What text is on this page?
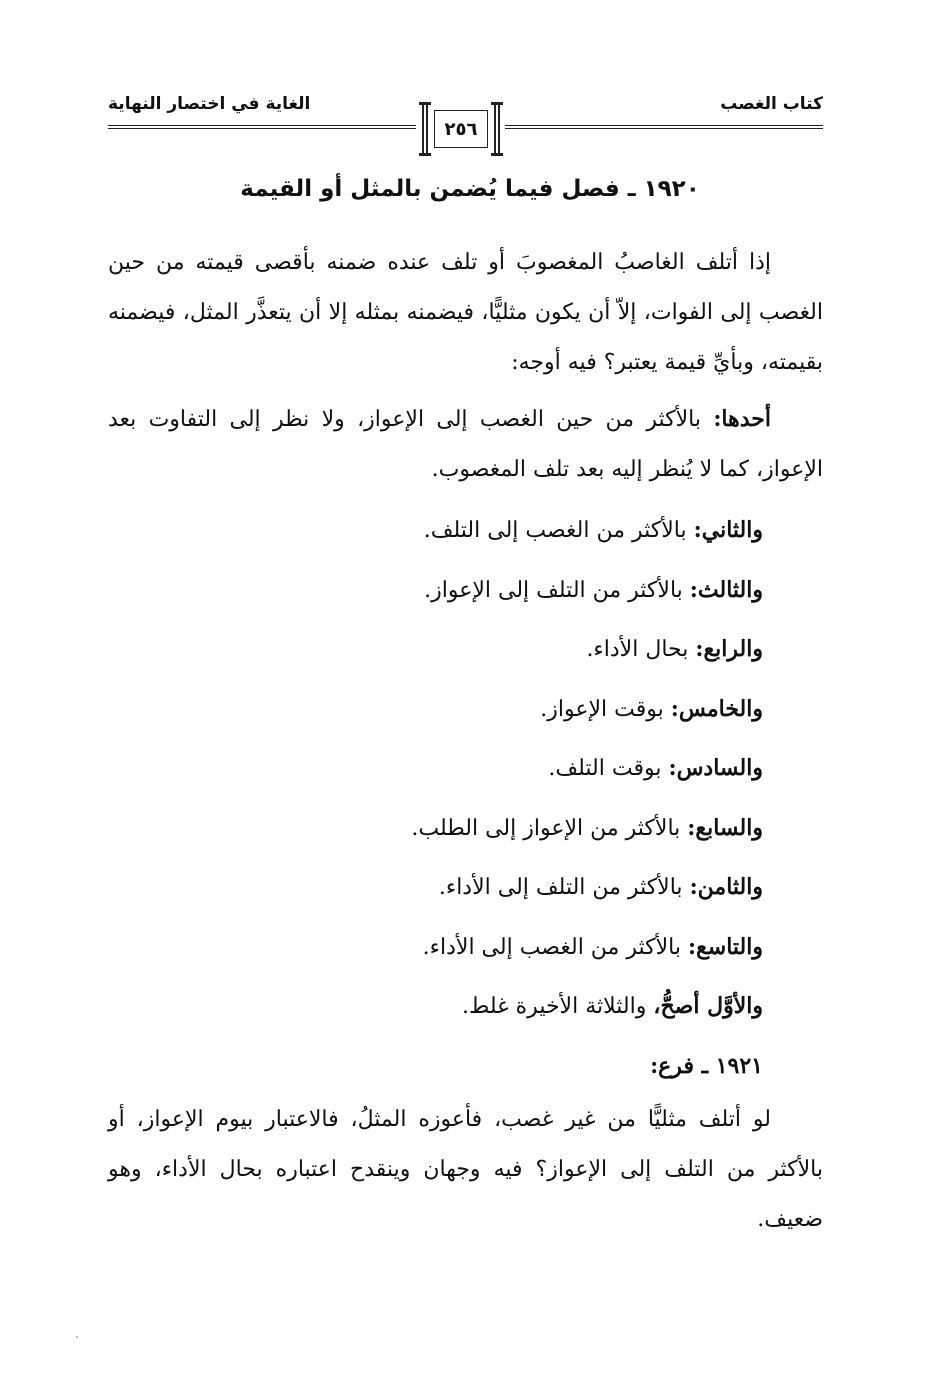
كتاب الغصب
الغاية في اختصار النهاية
٢٥٦
١٩٢٠ ـ فصل فيما يُضمن بالمثل أو القيمة

إذا أتلف الغاصبُ المغصوبَ أو تلف عنده ضمنه بأقصى قيمته من حين الغصب إلى الفوات، إلاّ أن يكون مثليًّا، فيضمنه بمثله إلا أن يتعذَّر المثل، فيضمنه بقيمته، وبأيِّ قيمة يعتبر؟ فيه أوجه:

أحدها: بالأكثر من حين الغصب إلى الإعواز، ولا نظر إلى التفاوت بعد الإعواز، كما لا يُنظر إليه بعد تلف المغصوب.

والثاني: بالأكثر من الغصب إلى التلف.
والثالث: بالأكثر من التلف إلى الإعواز.
والرابع: بحال الأداء.
والخامس: بوقت الإعواز.
والسادس: بوقت التلف.
والسابع: بالأكثر من الإعواز إلى الطلب.
والثامن: بالأكثر من التلف إلى الأداء.
والتاسع: بالأكثر من الغصب إلى الأداء.
والأوَّل أصحُّ، والثلاثة الأخيرة غلط.
١٩٢١ ـ فرع:

لو أتلف مثليًّا من غير غصب، فأعوزه المثلُ، فالاعتبار بيوم الإعواز، أو بالأكثر من التلف إلى الإعواز؟ فيه وجهان وينقدح اعتباره بحال الأداء، وهو ضعيف.
